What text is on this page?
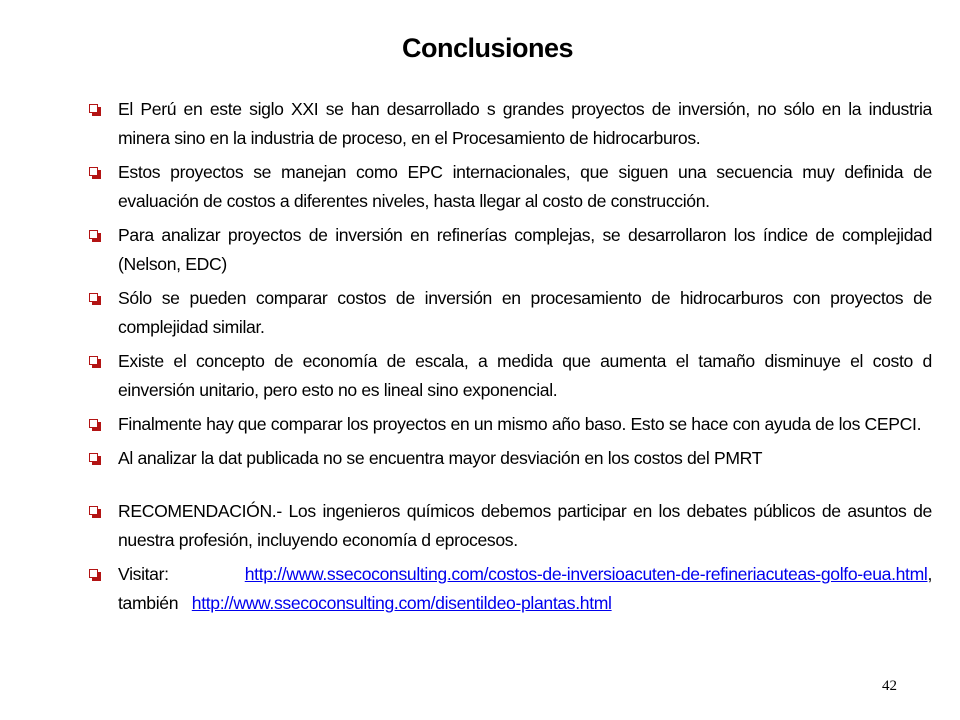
Conclusiones
El Perú en este siglo XXI se han desarrollado s grandes proyectos de inversión, no sólo en la industria minera sino en la industria de proceso, en el Procesamiento de hidrocarburos.
Estos proyectos se manejan como EPC internacionales, que siguen una secuencia muy definida de evaluación de costos a diferentes niveles, hasta llegar al costo de construcción.
Para analizar proyectos de inversión en refinerías complejas, se desarrollaron los índice de complejidad (Nelson, EDC)
Sólo se pueden comparar costos de inversión en procesamiento de hidrocarburos con proyectos de complejidad similar.
Existe el concepto de economía de escala, a medida que aumenta el tamaño disminuye el costo d einversión unitario, pero esto no es lineal sino exponencial.
Finalmente hay que comparar los proyectos en un mismo año baso. Esto se hace con ayuda de los CEPCI.
Al analizar la dat publicada no se encuentra mayor desviación en los costos del PMRT
RECOMENDACIÓN.- Los ingenieros químicos debemos participar en los debates públicos de asuntos de nuestra profesión, incluyendo economía d eprocesos.
Visitar:	http://www.ssecoconsulting.com/costos-de-inversioacuten-de-refineriacuteas-golfo-eua.html, también http://www.ssecoconsulting.com/disentildeo-plantas.html
42
